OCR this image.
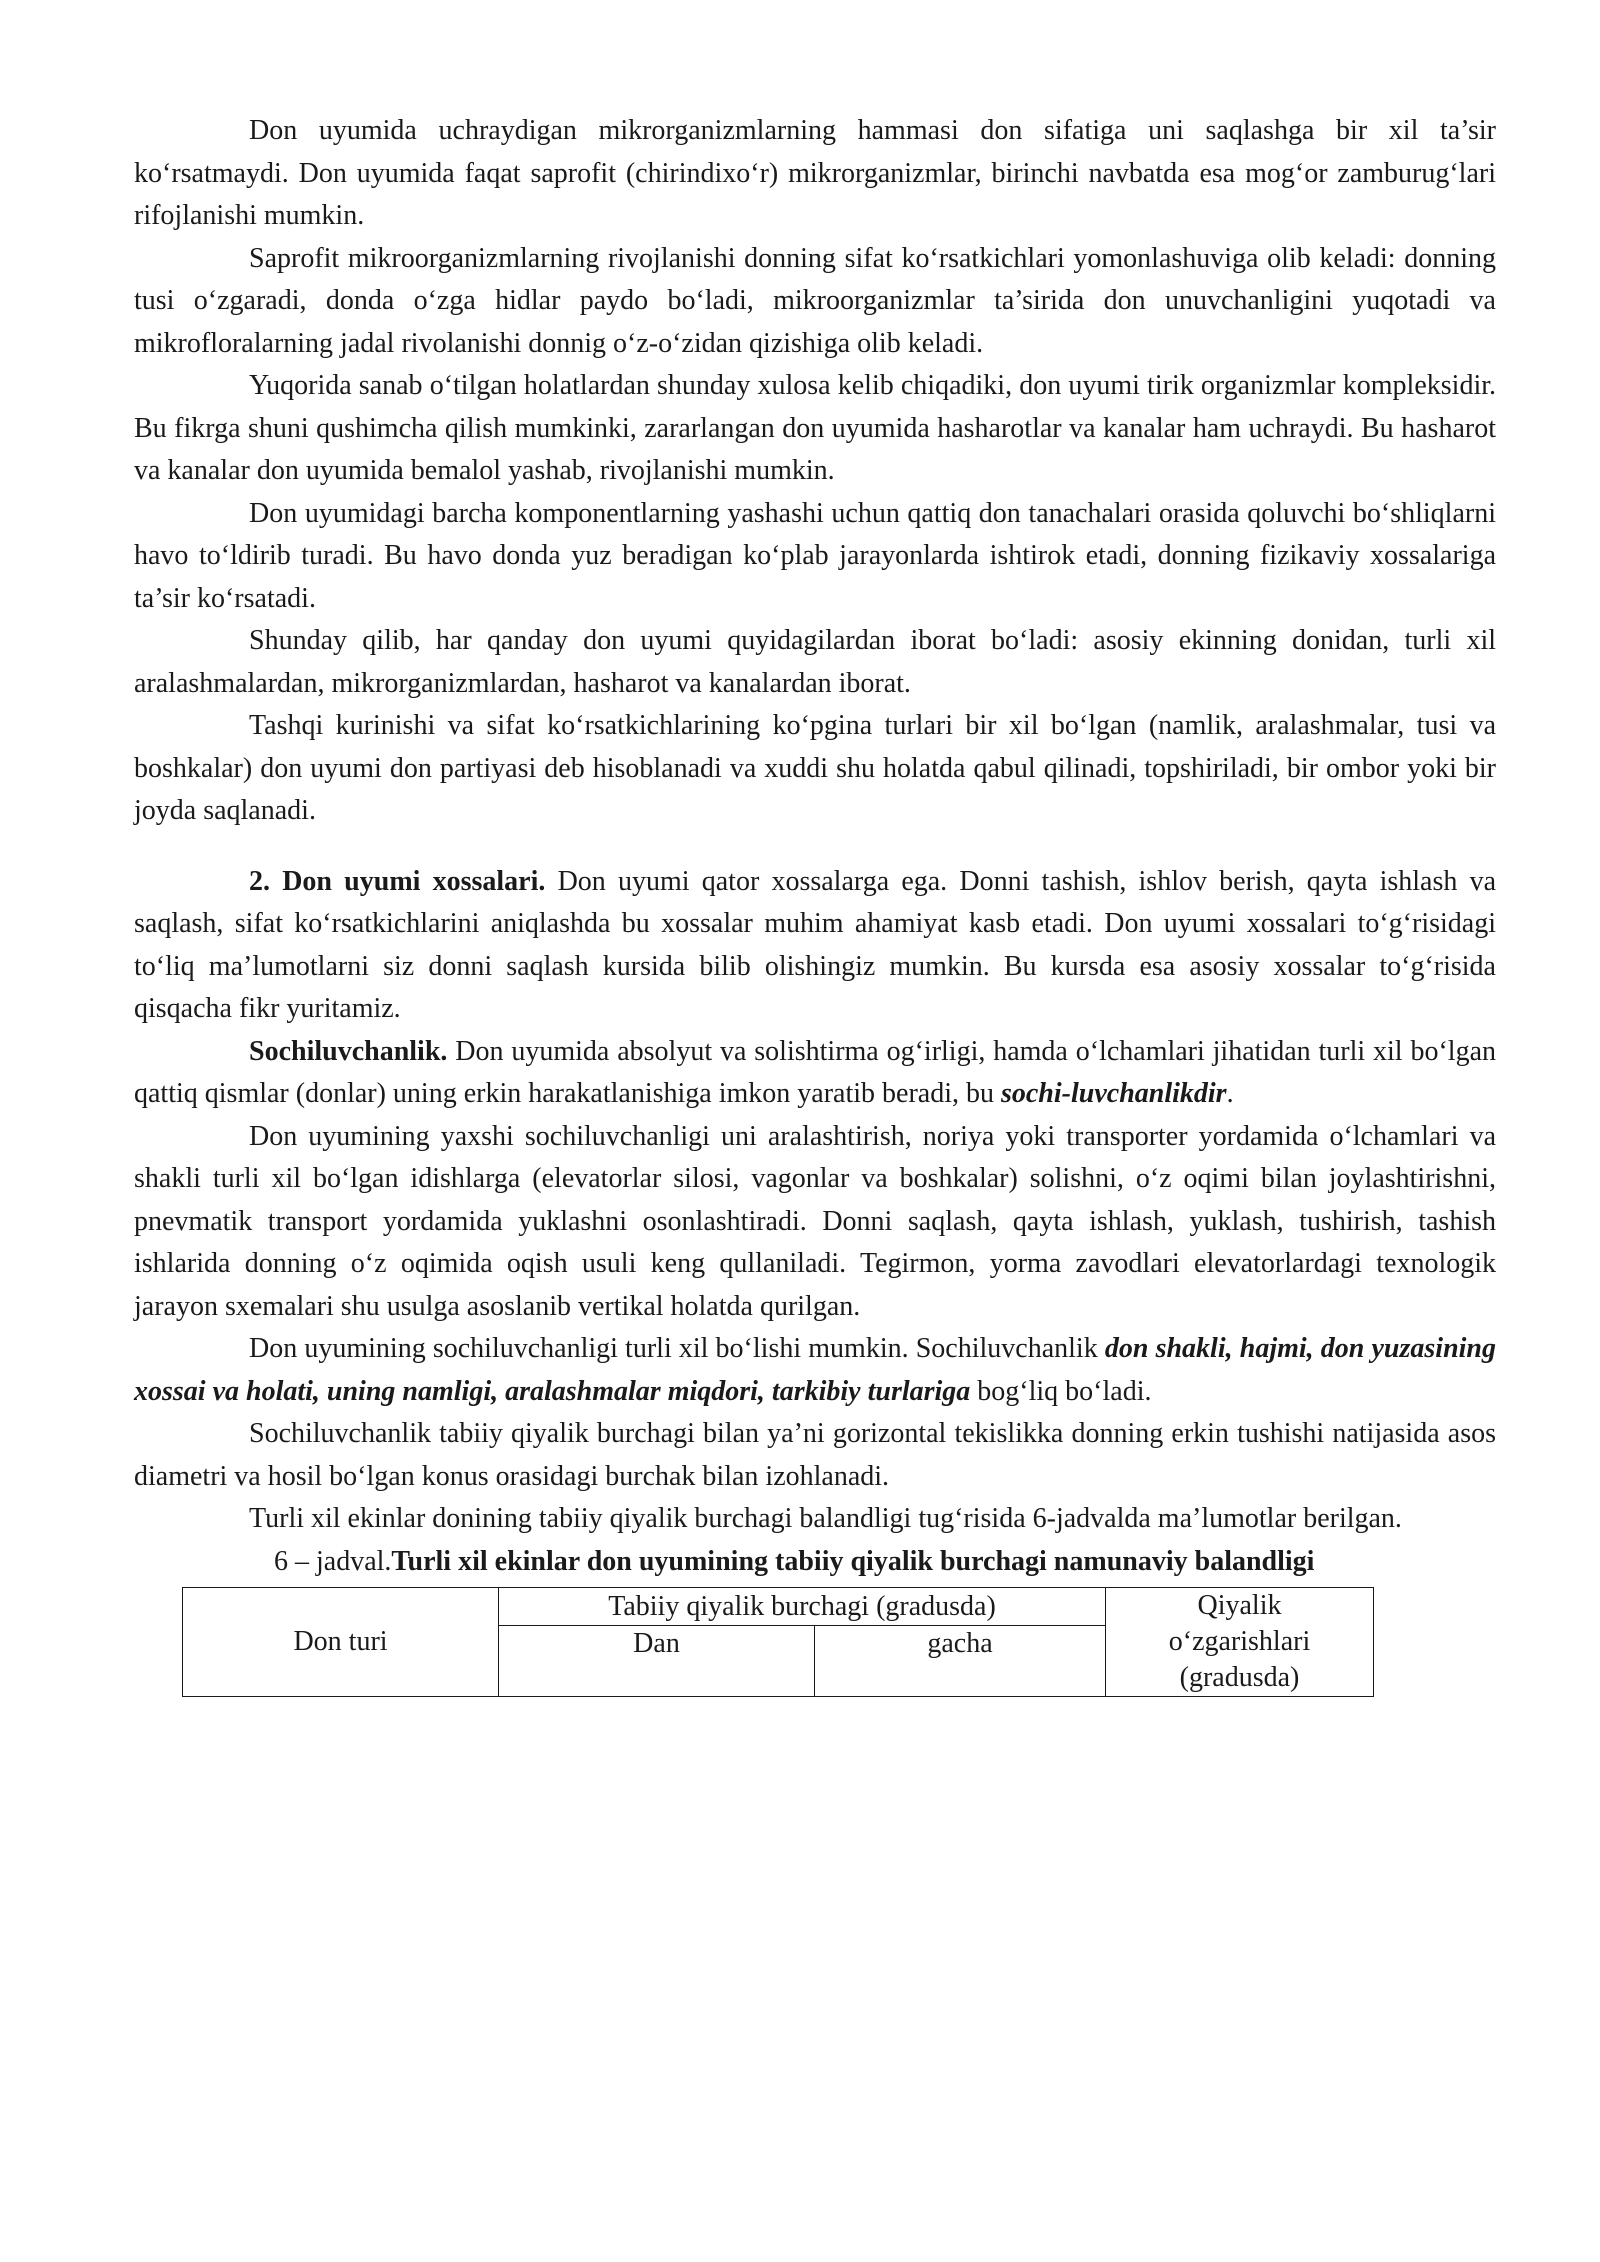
Don uyumida uchraydigan mikrorganizmlarning hammasi don sifatiga uni saqlashga bir xil ta’sir ko‘rsatmaydi. Don uyumida faqat saprofit (chirindixo‘r) mikrorganizmlar, birinchi navbatda esa mog‘or zamburug‘lari rifojlanishi mumkin.

Saprofit mikroorganizmlarning rivojlanishi donning sifat ko‘rsatkichlari yomonlashuviga olib keladi: donning tusi o‘zgaradi, donda o‘zga hidlar paydo bo‘ladi, mikroorganizmlar ta’sirida don unuvchanligini yuqotadi va mikrofloralarning jadal rivolanishi donnig o‘z-o‘zidan qizishiga olib keladi.

Yuqorida sanab o‘tilgan holatlardan shunday xulosa kelib chiqadiki, don uyumi tirik organizmlar kompleksidir. Bu fikrga shuni qushimcha qilish mumkinki, zararlangan don uyumida hasharotlar va kanalar ham uchraydi. Bu hasharot va kanalar don uyumida bemalol yashab, rivojlanishi mumkin.

Don uyumidagi barcha komponentlarning yashashi uchun qattiq don tanachalari orasida qoluvchi bo‘shliqlarni havo to‘ldirib turadi. Bu havo donda yuz beradigan ko‘plab jarayonlarda ishtirok etadi, donning fizikaviy xossalariga ta’sir ko‘rsatadi.

Shunday qilib, har qanday don uyumi quyidagilardan iborat bo‘ladi: asosiy ekinning donidan, turli xil aralashmalardan, mikrorganizmlardan, hasharot va kanalardan iborat.

Tashqi kurinishi va sifat ko‘rsatkichlarining ko‘pgina turlari bir xil bo‘lgan (namlik, aralashmalar, tusi va boshkalar) don uyumi don partiyasi deb hisoblanadi va xuddi shu holatda qabul qilinadi, topshiriladi, bir ombor yoki bir joyda saqlanadi.

2. Don uyumi xossalari. Don uyumi qator xossalarga ega. Donni tashish, ishlov berish, qayta ishlash va saqlash, sifat ko‘rsatkichlarini aniqlashda bu xossalar muhim ahamiyat kasb etadi. Don uyumi xossalari to‘g‘risidagi to‘liq ma’lumotlarni siz donni saqlash kursida bilib olishingiz mumkin. Bu kursda esa asosiy xossalar to‘g‘risida qisqacha fikr yuritamiz.

Sochiluvchanlik. Don uyumida absolyut va solishtirma og‘irligi, hamda o‘lchamlari jihatidan turli xil bo‘lgan qattiq qismlar (donlar) uning erkin harakatlanishiga imkon yaratib beradi, bu sochi-luvchanlikdir.

Don uyumining yaxshi sochiluvchanligi uni aralashtirish, noriya yoki transporter yordamida o‘lchamlari va shakli turli xil bo‘lgan idishlarga (elevatorlar silosi, vagonlar va boshkalar) solishni, o‘z oqimi bilan joylashtirishni, pnevmatik transport yordamida yuklashni osonlashtiradi. Donni saqlash, qayta ishlash, yuklash, tushirish, tashish ishlarida donning o‘z oqimida oqish usuli keng qullaniladi. Tegirmon, yorma zavodlari elevatorlardagi texnologik jarayon sxemalari shu usulga asoslanib vertikal holatda qurilgan.

Don uyumining sochiluvchanligi turli xil bo‘lishi mumkin. Sochiluvchanlik don shakli, hajmi, don yuzasining xossai va holati, uning namligi, aralashmalar miqdori, tarkibiy turlariga bog‘liq bo‘ladi.

Sochiluvchanlik tabiiy qiyalik burchagi bilan ya’ni gorizontal tekislikka donning erkin tushishi natijasida asos diametri va hosil bo‘lgan konus orasidagi burchak bilan izohlanadi.

Turli xil ekinlar donining tabiiy qiyalik burchagi balandligi tug‘risida 6-jadvalda ma’lumotlar berilgan.

6 – jadval.Turli xil ekinlar don uyumining tabiiy qiyalik burchagi namunaviy balandligi

Don turi	Tabiiy qiyalik burchagi (gradusda)		Qiyalik
o‘zgarishlari
(gradusda)

	Dan	gacha	
